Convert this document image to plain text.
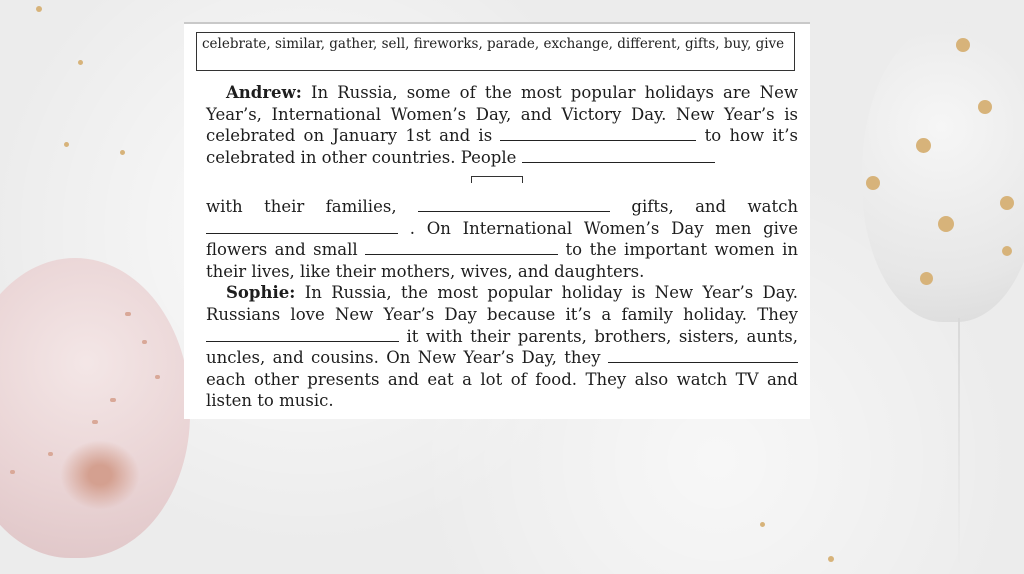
celebrate, similar, gather, sell, fireworks, parade, exchange, different, gifts, buy, give
Andrew: In Russia, some of the most popular holidays are New Year’s, International Women’s Day, and Victory Day. New Year’s is celebrated on January 1st and is	to how it’s celebrated in other countries. People
with their families,	gifts, and watch  . On International Women’s Day men give flowers and small	to the important women in their lives, like their mothers, wives, and daughters.
Sophie: In Russia, the most popular holiday is New Year’s Day. Russians love New Year’s Day because it’s a family holiday. They  it with their parents, brothers, sisters, aunts, uncles, and cousins. On New Year’s Day, they  each other presents and eat a lot of food. They also watch TV and listen to music.
